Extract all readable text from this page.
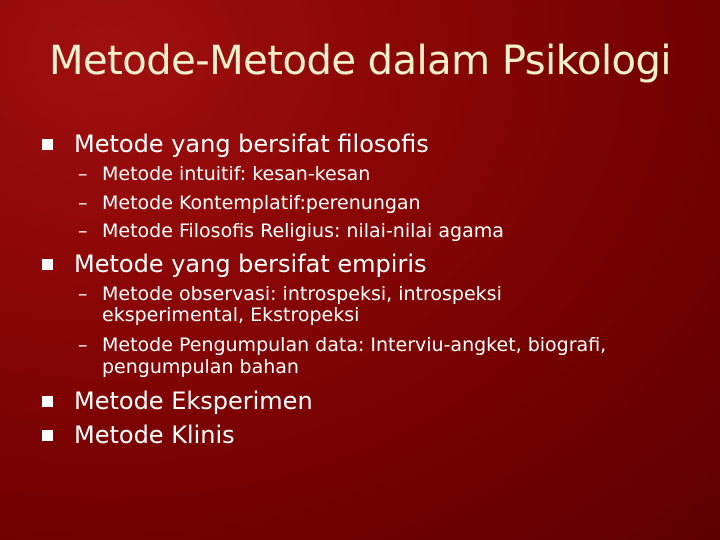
Metode-Metode dalam Psikologi
Metode yang bersifat filosofis
– Metode intuitif: kesan-kesan
– Metode Kontemplatif:perenungan
– Metode Filosofis Religius: nilai-nilai agama
Metode yang bersifat empiris
– Metode observasi: introspeksi, introspeksi
eksperimental, Ekstropeksi
– Metode Pengumpulan data: Interviu-angket, biografi,
pengumpulan bahan
Metode Eksperimen
Metode Klinis
